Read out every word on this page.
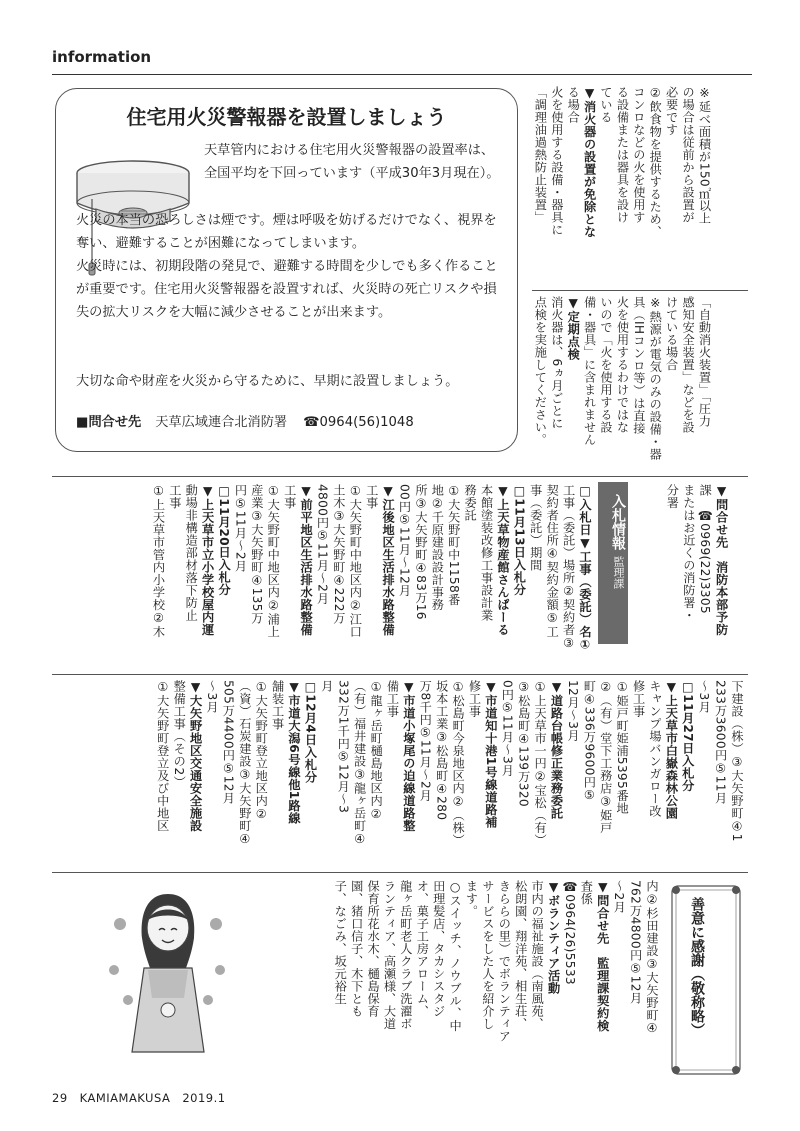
information
住宅用火災警報器を設置しましょう

天草管内における住宅用火災警報器の設置率は、全国平均を下回っています（平成30年3月現在）。

火災の本当の恐ろしさは煙です。煙は呼吸を妨げるだけでなく、視界を奪い、避難することが困難になってしまいます。

火災時には、初期段階の発見で、避難する時間を少しでも多く作ることが重要です。住宅用火災警報器を設置すれば、火災時の死亡リスクや損失の拡大リスクを大幅に減少させることが出来ます。

大切な命や財産を火災から守るために、早期に設置しましょう。

■問合せ先 天草広域連合北消防署 ☎0964(56)1048
※延べ面積が150㎡以上
の場合は従前から設置が
必要です
②飲食物を提供するため、
コンロなどの火を使用す
る設備または器具を設け
ている
▼消火器の設置が免除とな
る場合
火を使用する設備・器具に
「調理油過熱防止装置」
「自動消火装置」「圧力
感知安全装置」などを設
けている場合
※熱源が電気のみの設備・器
具（IHコンロ等）は直接
火を使用するわけではな
いので「火を使用する設
備・器具」に含まれません
▼定期点検
消火器は、6ヵ月ごとに
点検を実施してください。
▼問合せ先　消防本部予防
課　☎0969(22)3305
またはお近くの消防署・
分署
入札情報監理課
□入札日▼工事（委託）名①
工事（委託）場所②契約者③
契約者住所④契約金額⑤工
事（委託）期間
□11月13日入札分
▼上天草物産館さんぱーる
本館塗装改修工事設計業
務委託
①大矢野町中1158番
地②千原建設設計事務
所③大矢野町④83万16
00円⑤11月〜12月
▼江後地区生活排水路整備
工事
①大矢野町中地区内②江口
土木③大矢野町④222万
4800円⑤11月〜2月
▼前平地区生活排水路整備
工事
①大矢野町中地区内②浦上
産業③大矢野町④135万
円⑤11月〜2月
□11月20日入札分
▼上天草市立小学校屋内運
動場非構造部材落下防止
工事
①上天草市管内小学校②木
下建設（株）③大矢野町④1
233万3600円⑤11月
〜3月
□11月27日入札分
▼上天草市白嶽森林公園
キャンプ場バンガロー改
修工事
①姫戸町姫浦5395番地
②（有）堂下工務店③姫戸
町④336万9600円⑤
12月〜3月
▼道路台帳修正業務委託
①上天草市一円②宝松（有）
③松島町④139万320
0円⑤11月〜3月
▼市道知十港1号線道路補
修工事
①松島町今泉地区内②（株）
坂本工業③松島町④280
万8千円⑤11月〜2月
▼市道小塚尾の迫線道路整
備工事
①龍ヶ岳町樋島地区内②
（有）福井建設③龍ヶ岳町④
332万1千円⑤12月〜3
月
□12月4日入札分
▼市道大潟6号線他1路線
舗装工事
①大矢野町登立地区内②
（資）石炭建設③大矢野町④
505万4400円⑤12月
〜3月
▼大矢野地区交通安全施設
整備工事（その2）
①大矢野町登立及び中地区
善意に感謝（敬称略）
内②杉田建設③大矢野町④
762万4800円⑤12月
〜2月
▼問合せ先　監理課契約検
査係
☎0964(26)5533
▼ボランティア活動
市内の福祉施設（南風苑、
松朗園、翔洋苑、相生荘、
きららの里）でボランティア
サービスをした人を紹介し
ます。
○スイッチ、ノウブル、中
田理髪店、タカシスタジ
オ、菓子工房アローム、
龍ヶ岳町老人クラブ洗濯ボ
ランティア、高瀬様、大道
保育所花水木、樋島保育
園、猪口信子、木下とも
子、なごみ、坂元裕生
29　KAMIAMAKUSA　2019.1
